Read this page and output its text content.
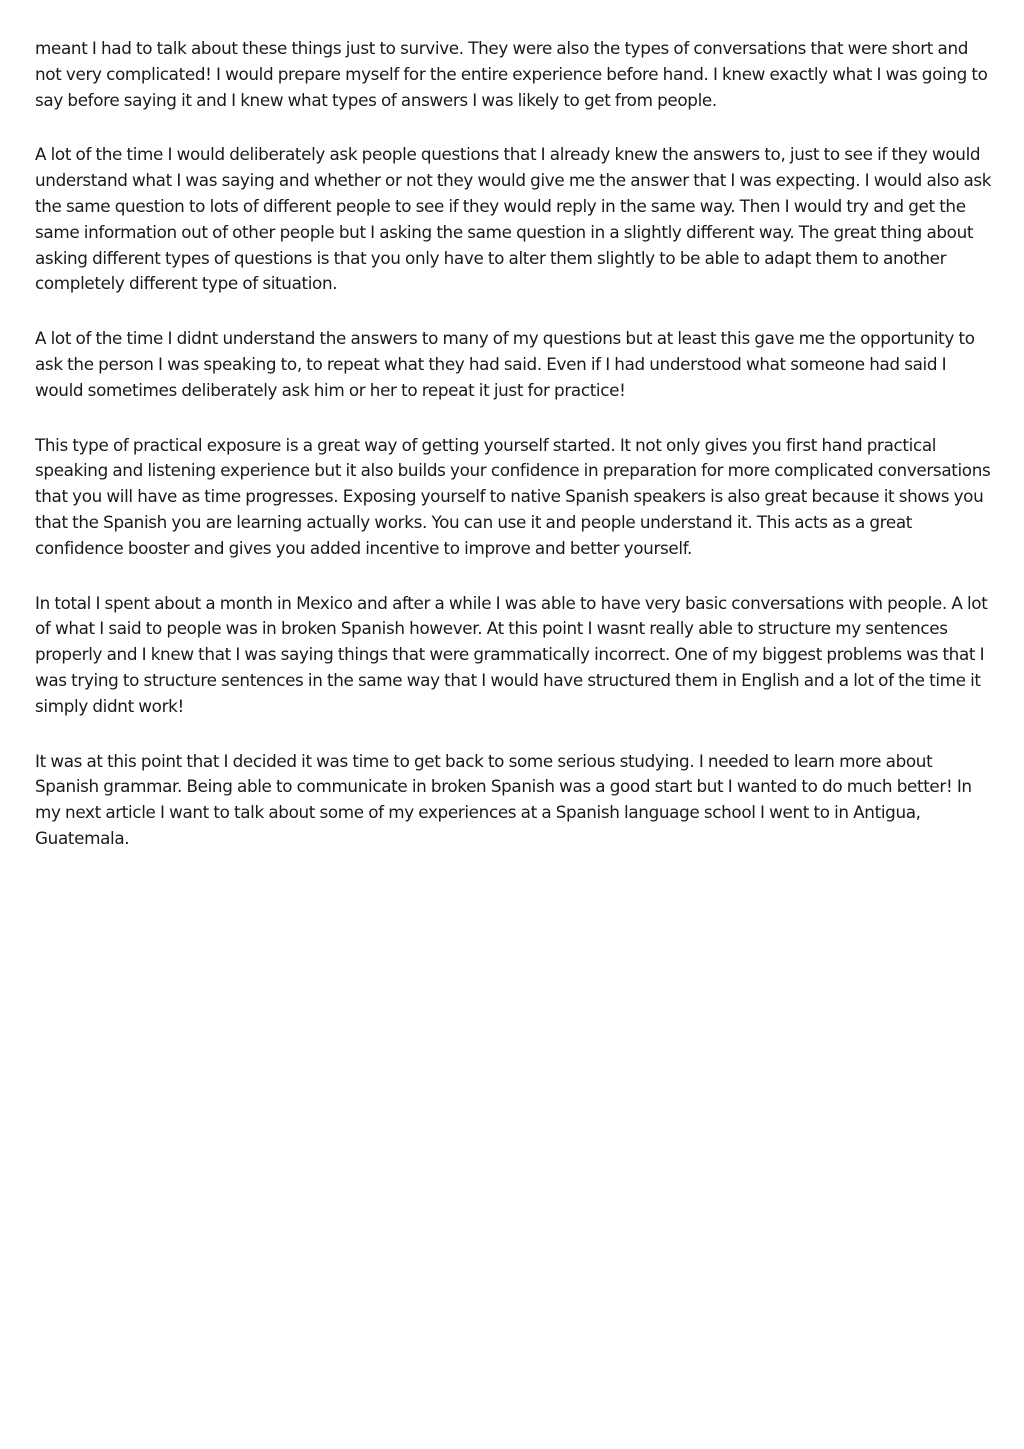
meant I had to talk about these things just to survive. They were also the types of conversations that were short and not very complicated! I would prepare myself for the entire experience before hand. I knew exactly what I was going to say before saying it and I knew what types of answers I was likely to get from people.

A lot of the time I would deliberately ask people questions that I already knew the answers to, just to see if they would understand what I was saying and whether or not they would give me the answer that I was expecting. I would also ask the same question to lots of different people to see if they would reply in the same way. Then I would try and get the same information out of other people but I asking the same question in a slightly different way. The great thing about asking different types of questions is that you only have to alter them slightly to be able to adapt them to another completely different type of situation.

A lot of the time I didnt understand the answers to many of my questions but at least this gave me the opportunity to ask the person I was speaking to, to repeat what they had said. Even if I had understood what someone had said I would sometimes deliberately ask him or her to repeat it just for practice!

This type of practical exposure is a great way of getting yourself started. It not only gives you first hand practical speaking and listening experience but it also builds your confidence in preparation for more complicated conversations that you will have as time progresses. Exposing yourself to native Spanish speakers is also great because it shows you that the Spanish you are learning actually works. You can use it and people understand it. This acts as a great confidence booster and gives you added incentive to improve and better yourself.

In total I spent about a month in Mexico and after a while I was able to have very basic conversations with people. A lot of what I said to people was in broken Spanish however. At this point I wasnt really able to structure my sentences properly and I knew that I was saying things that were grammatically incorrect. One of my biggest problems was that I was trying to structure sentences in the same way that I would have structured them in English and a lot of the time it simply didnt work!

It was at this point that I decided it was time to get back to some serious studying. I needed to learn more about Spanish grammar. Being able to communicate in broken Spanish was a good start but I wanted to do much better! In my next article I want to talk about some of my experiences at a Spanish language school I went to in Antigua, Guatemala.
